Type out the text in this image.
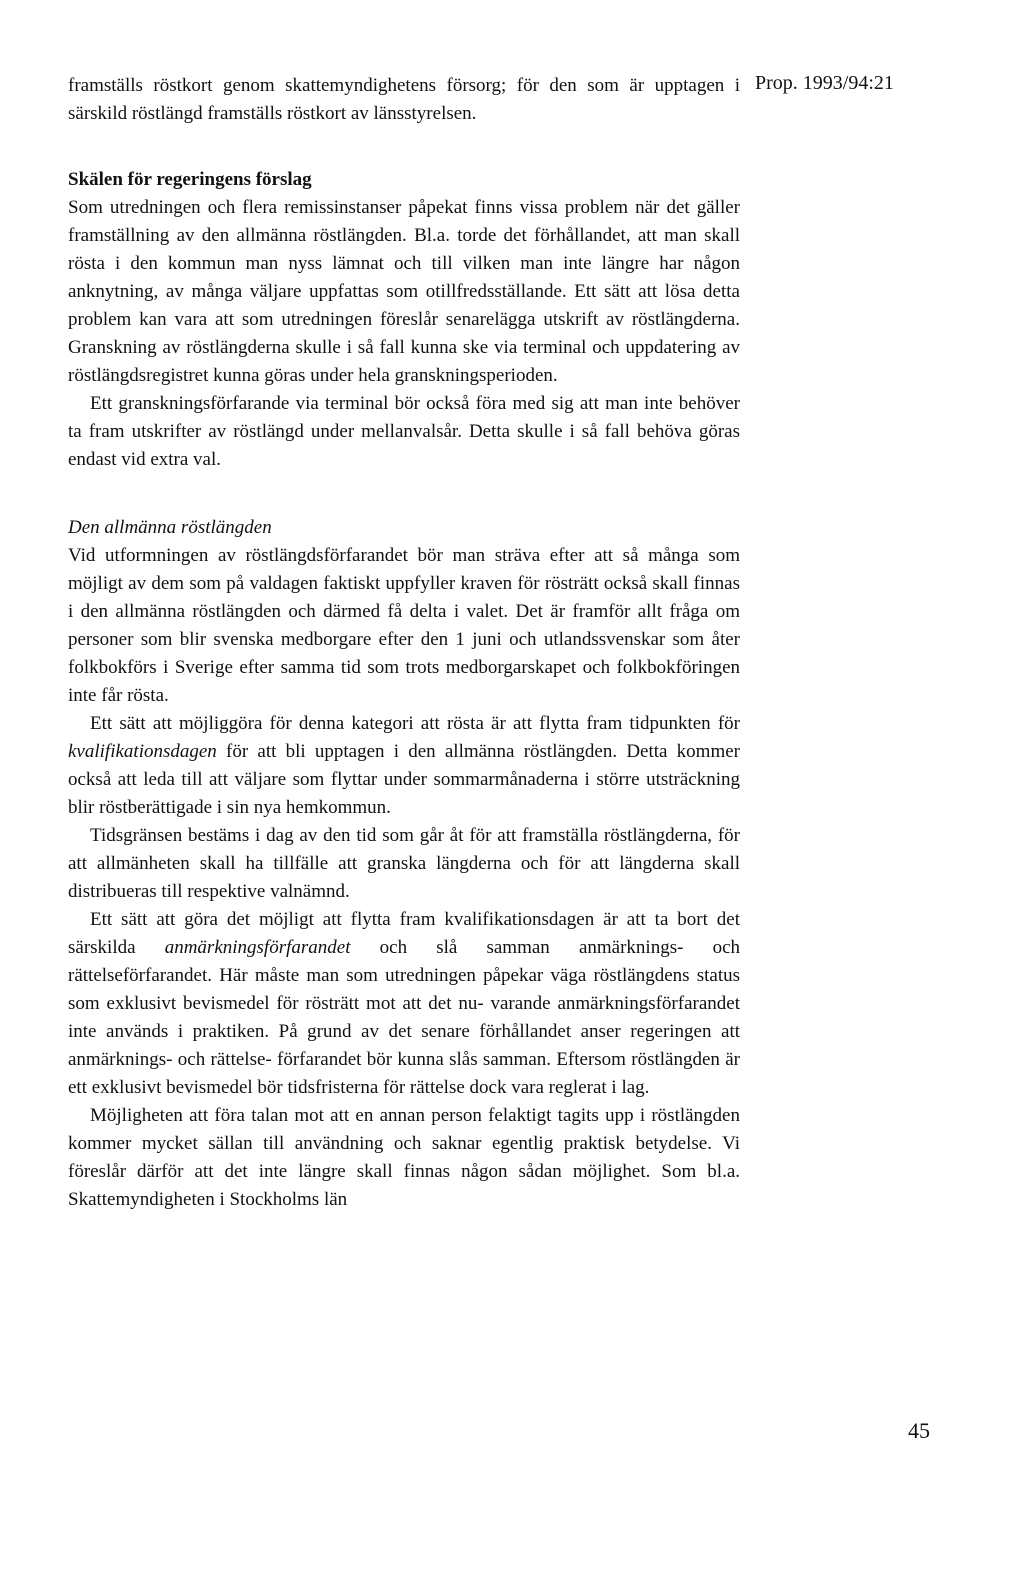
Prop. 1993/94:21

framställs röstkort genom skattemyndighetens försorg; för den som är upptagen i särskild röstlängd framställs röstkort av länsstyrelsen.

Skälen för regeringens förslag

Som utredningen och flera remissinstanser påpekat finns vissa problem när det gäller framställning av den allmänna röstlängden. Bl.a. torde det förhållandet, att man skall rösta i den kommun man nyss lämnat och till vilken man inte längre har någon anknytning, av många väljare uppfattas som otillfredsställande. Ett sätt att lösa detta problem kan vara att som utredningen föreslår senarelägga utskrift av röstlängderna. Granskning av röstlängderna skulle i så fall kunna ske via terminal och uppdatering av röstlängdsregistret kunna göras under hela granskningsperioden.

Ett granskningsförfarande via terminal bör också föra med sig att man inte behöver ta fram utskrifter av röstlängd under mellanvalsår. Detta skulle i så fall behöva göras endast vid extra val.

Den allmänna röstlängden

Vid utformningen av röstlängdsförfarandet bör man sträva efter att så många som möjligt av dem som på valdagen faktiskt uppfyller kraven för rösträtt också skall finnas i den allmänna röstlängden och därmed få delta i valet. Det är framför allt fråga om personer som blir svenska medborgare efter den 1 juni och utlandssvenskar som åter folkbokförs i Sverige efter samma tid som trots medborgarskapet och folkbokföringen inte får rösta.

Ett sätt att möjliggöra för denna kategori att rösta är att flytta fram tidpunkten för kvalifikationsdagen för att bli upptagen i den allmänna röstlängden. Detta kommer också att leda till att väljare som flyttar under sommarmånaderna i större utsträckning blir röstberättigade i sin nya hemkommun.

Tidsgränsen bestäms i dag av den tid som går åt för att framställa röstlängderna, för att allmänheten skall ha tillfälle att granska längderna och för att längderna skall distribueras till respektive valnämnd.

Ett sätt att göra det möjligt att flytta fram kvalifikationsdagen är att ta bort det särskilda anmärkningsförfarandet och slå samman anmärknings- och rättelseförfarandet. Här måste man som utredningen påpekar väga röstlängdens status som exklusivt bevismedel för rösträtt mot att det nu- varande anmärkningsförfarandet inte används i praktiken. På grund av det senare förhållandet anser regeringen att anmärknings- och rättelse- förfarandet bör kunna slås samman. Eftersom röstlängden är ett exklusivt bevismedel bör tidsfristerna för rättelse dock vara reglerat i lag.

Möjligheten att föra talan mot att en annan person felaktigt tagits upp i röstlängden kommer mycket sällan till användning och saknar egentlig praktisk betydelse. Vi föreslår därför att det inte längre skall finnas någon sådan möjlighet. Som bl.a. Skattemyndigheten i Stockholms län

45
